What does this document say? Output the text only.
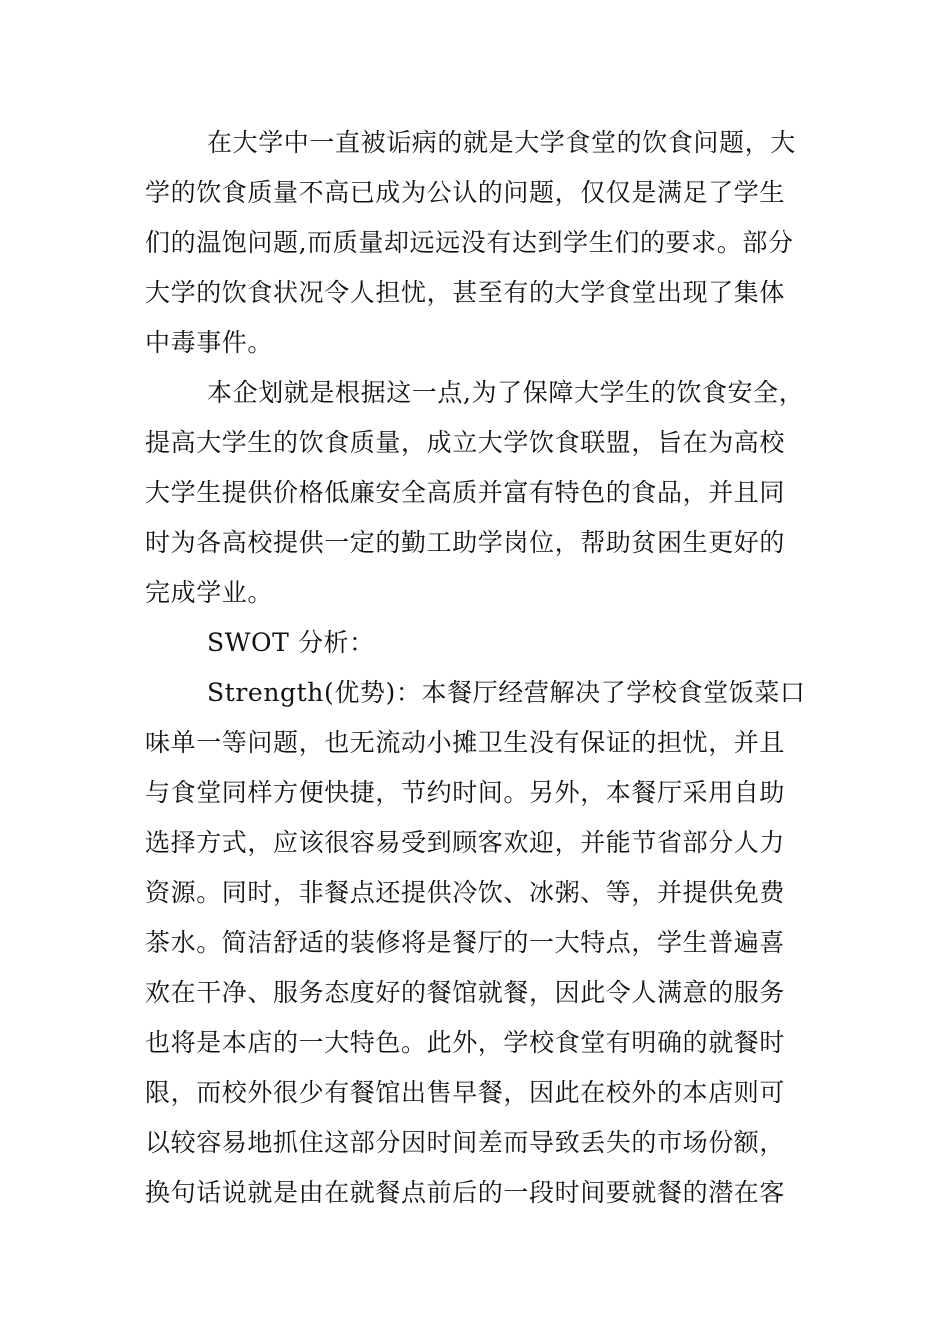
在大学中一直被诟病的就是大学食堂的饮食问题，大
学的饮食质量不高已成为公认的问题，仅仅是满足了学生
们的温饱问题,而质量却远远没有达到学生们的要求。部分
大学的饮食状况令人担忧，甚至有的大学食堂出现了集体
中毒事件。
本企划就是根据这一点,为了保障大学生的饮食安全，
提高大学生的饮食质量，成立大学饮食联盟，旨在为高校
大学生提供价格低廉安全高质并富有特色的食品，并且同
时为各高校提供一定的勤工助学岗位，帮助贫困生更好的
完成学业。
SWOT 分析：
Strength(优势)：本餐厅经营解决了学校食堂饭菜口
味单一等问题，也无流动小摊卫生没有保证的担忧，并且
与食堂同样方便快捷，节约时间。另外，本餐厅采用自助
选择方式，应该很容易受到顾客欢迎，并能节省部分人力
资源。同时，非餐点还提供冷饮、冰粥、等，并提供免费
茶水。简洁舒适的装修将是餐厅的一大特点，学生普遍喜
欢在干净、服务态度好的餐馆就餐，因此令人满意的服务
也将是本店的一大特色。此外，学校食堂有明确的就餐时
限，而校外很少有餐馆出售早餐，因此在校外的本店则可
以较容易地抓住这部分因时间差而导致丢失的市场份额，
换句话说就是由在就餐点前后的一段时间要就餐的潜在客
